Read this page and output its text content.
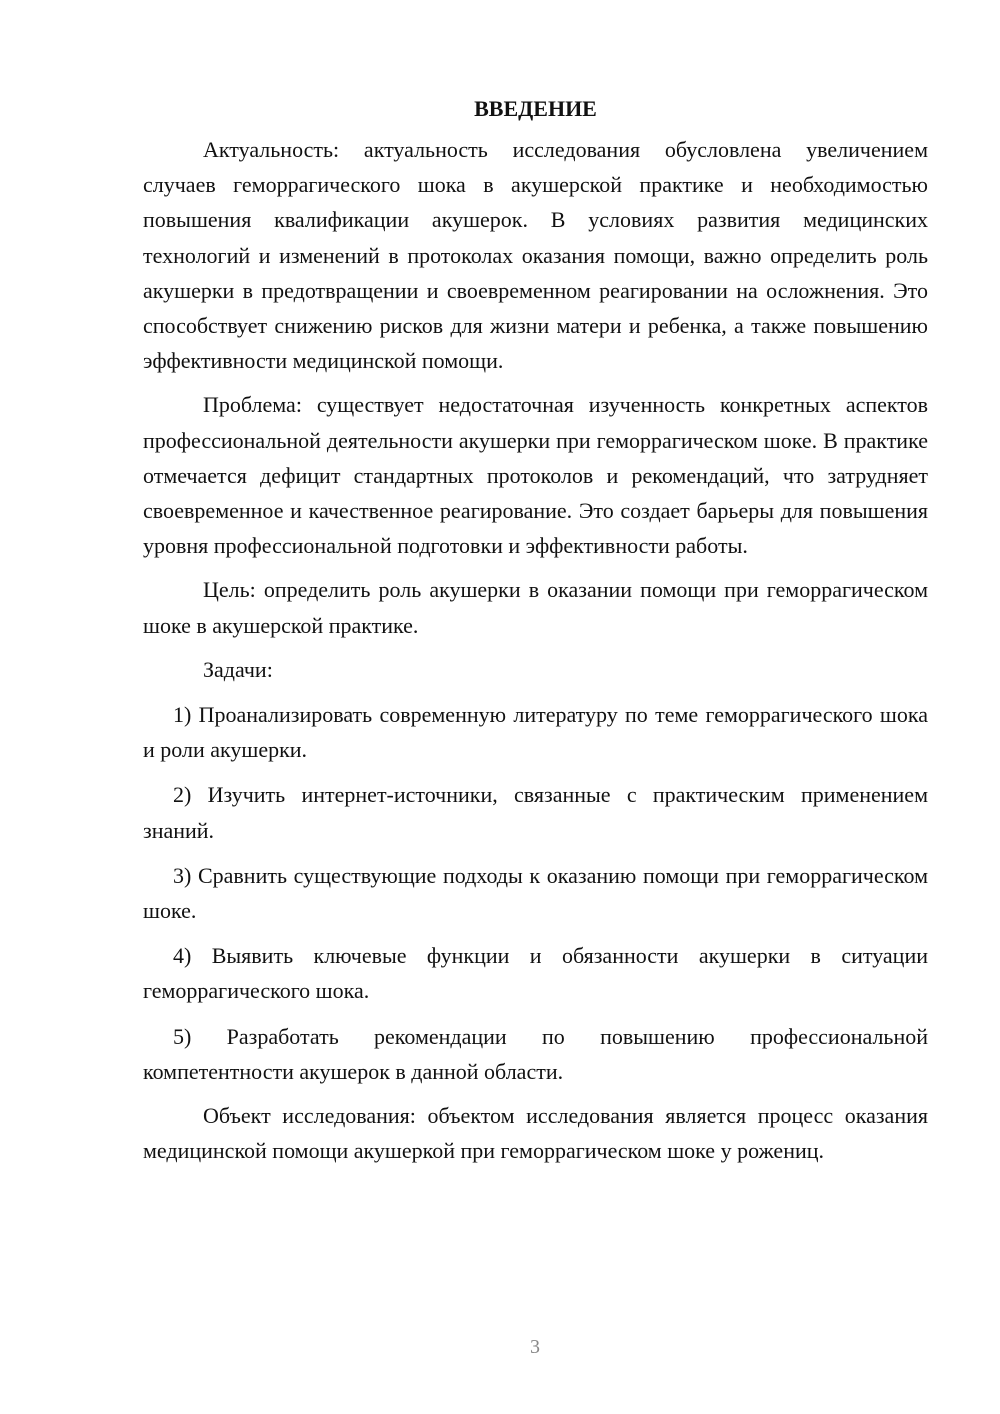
ВВЕДЕНИЕ

Актуальность: актуальность исследования обусловлена увеличением случаев геморрагического шока в акушерской практике и необходимостью повышения квалификации акушерок. В условиях развития медицинских технологий и изменений в протоколах оказания помощи, важно определить роль акушерки в предотвращении и своевременном реагировании на осложнения. Это способствует снижению рисков для жизни матери и ребенка, а также повышению эффективности медицинской помощи.

Проблема: существует недостаточная изученность конкретных аспектов профессиональной деятельности акушерки при геморрагическом шоке. В практике отмечается дефицит стандартных протоколов и рекомендаций, что затрудняет своевременное и качественное реагирование. Это создает барьеры для повышения уровня профессиональной подготовки и эффективности работы.

Цель: определить роль акушерки в оказании помощи при геморрагическом шоке в акушерской практике.

Задачи:

1) Проанализировать современную литературу по теме геморрагического шока и роли акушерки.

2) Изучить интернет-источники, связанные с практическим применением знаний.

3) Сравнить существующие подходы к оказанию помощи при геморрагическом шоке.

4) Выявить ключевые функции и обязанности акушерки в ситуации геморрагического шока.

5) Разработать рекомендации по повышению профессиональной компетентности акушерок в данной области.

Объект исследования: объектом исследования является процесс оказания медицинской помощи акушеркой при геморрагическом шоке у рожениц.

3
